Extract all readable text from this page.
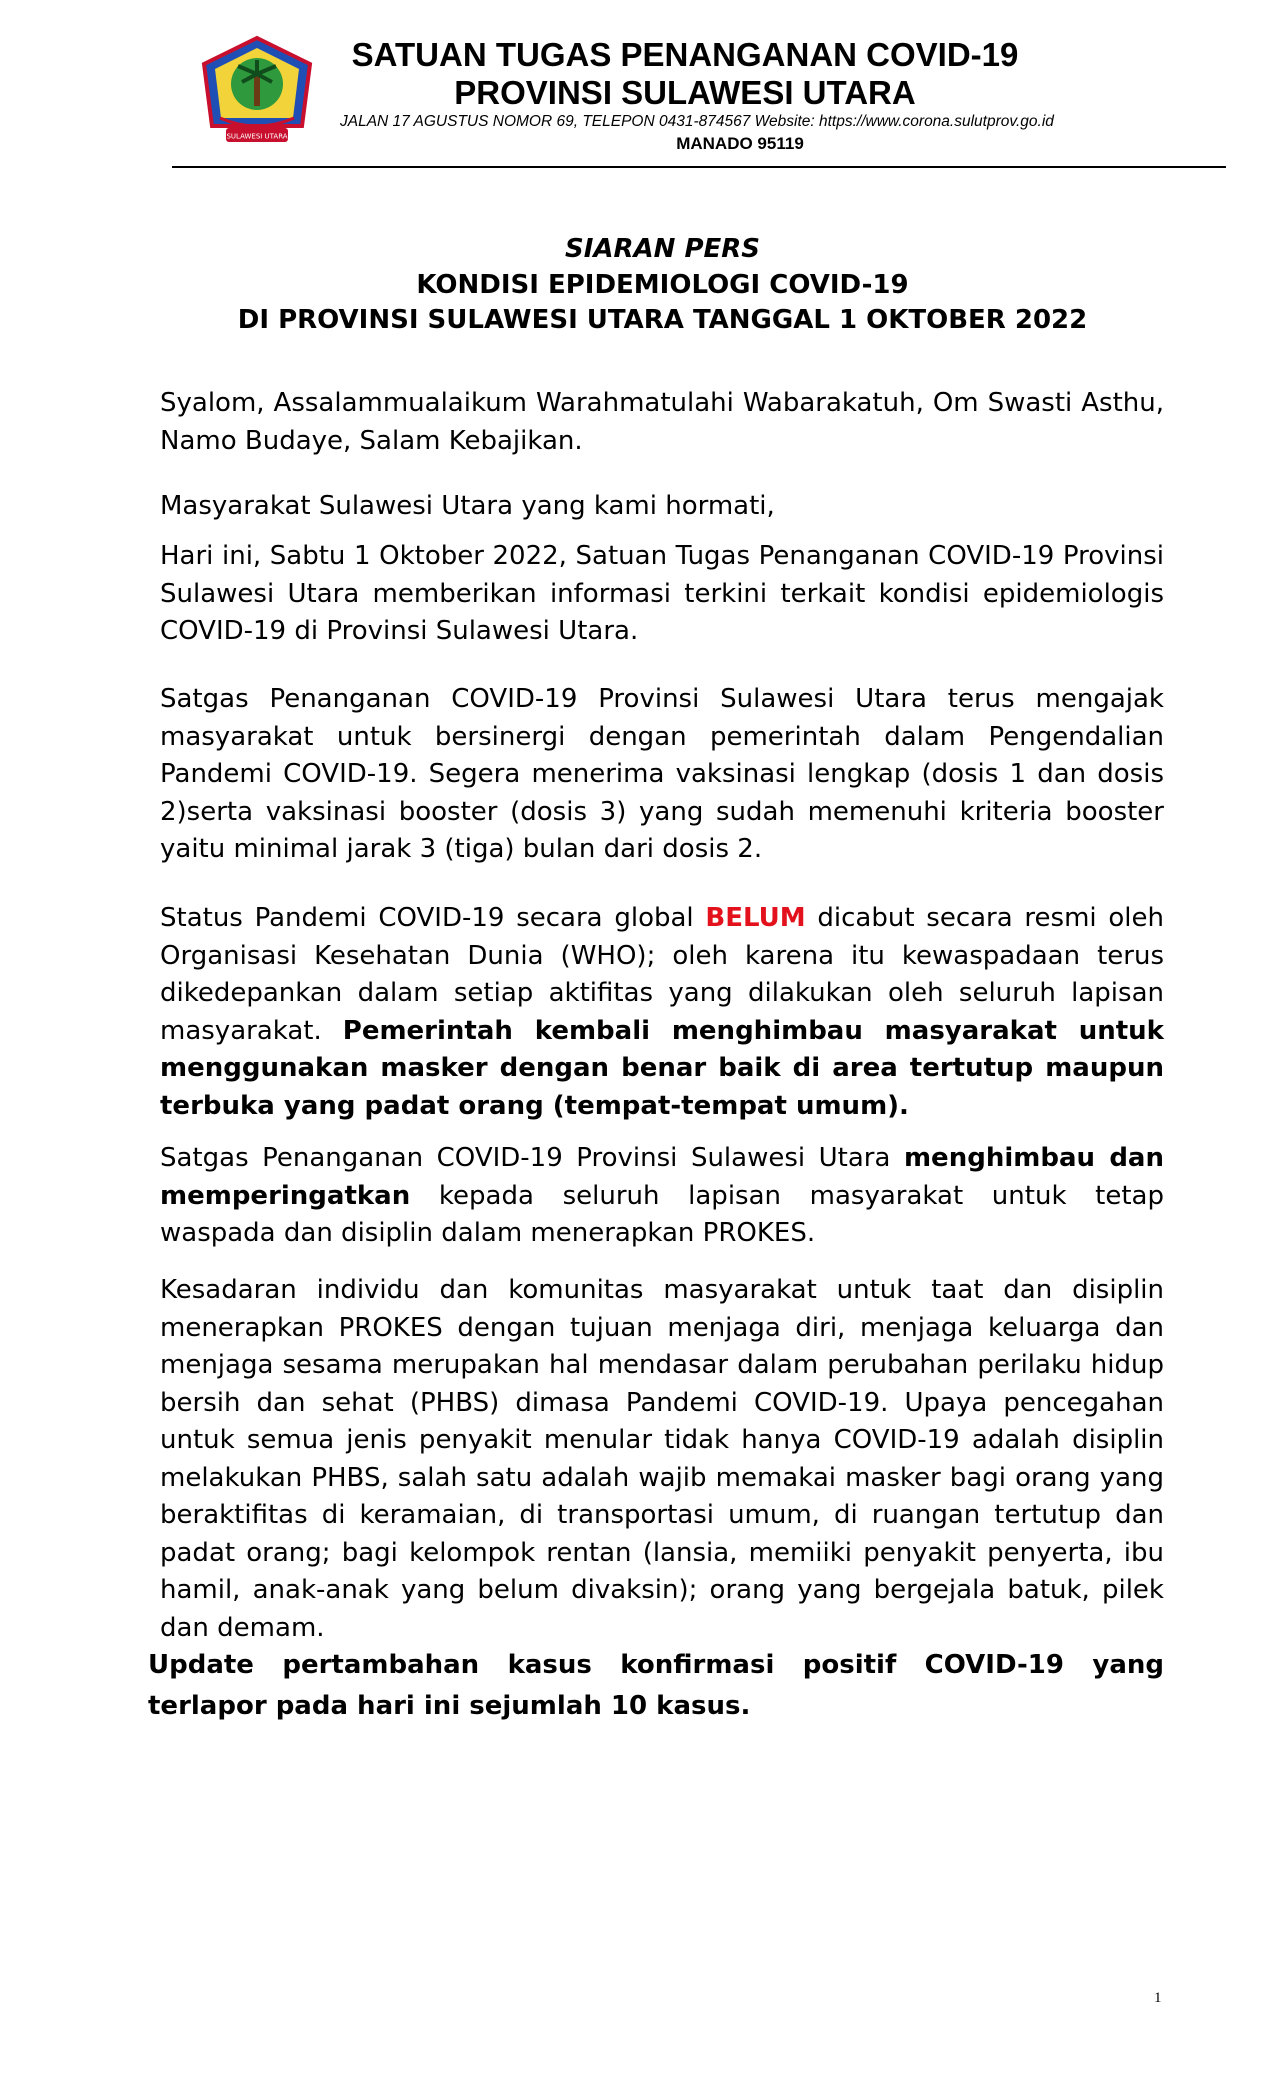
SULAWESI UTARA
SATUAN TUGAS PENANGANAN COVID-19
PROVINSI SULAWESI UTARA
JALAN 17 AGUSTUS NOMOR 69, TELEPON 0431-874567 Website: https://www.corona.sulutprov.go.id
MANADO 95119
SIARAN PERS
KONDISI EPIDEMIOLOGI COVID-19
DI PROVINSI SULAWESI UTARA TANGGAL 1 OKTOBER 2022

Syalom, Assalammualaikum Warahmatulahi Wabarakatuh, Om Swasti Asthu, Namo Budaye, Salam Kebajikan.

Masyarakat Sulawesi Utara yang kami hormati,

Hari ini, Sabtu 1 Oktober 2022, Satuan Tugas Penanganan COVID-19 Provinsi Sulawesi Utara memberikan informasi terkini terkait kondisi epidemiologis COVID-19 di Provinsi Sulawesi Utara.

Satgas Penanganan COVID-19 Provinsi Sulawesi Utara terus mengajak masyarakat untuk bersinergi dengan pemerintah dalam Pengendalian Pandemi COVID-19. Segera menerima vaksinasi lengkap (dosis 1 dan dosis 2)serta vaksinasi booster (dosis 3) yang sudah memenuhi kriteria booster yaitu minimal jarak 3 (tiga) bulan dari dosis 2.

Status Pandemi COVID-19 secara global BELUM dicabut secara resmi oleh Organisasi Kesehatan Dunia (WHO); oleh karena itu kewaspadaan terus dikedepankan dalam setiap aktifitas yang dilakukan oleh seluruh lapisan masyarakat. Pemerintah kembali menghimbau masyarakat untuk menggunakan masker dengan benar baik di area tertutup maupun terbuka yang padat orang (tempat-tempat umum).

Satgas Penanganan COVID-19 Provinsi Sulawesi Utara menghimbau dan memperingatkan kepada seluruh lapisan masyarakat untuk tetap waspada dan disiplin dalam menerapkan PROKES.

Kesadaran individu dan komunitas masyarakat untuk taat dan disiplin menerapkan PROKES dengan tujuan menjaga diri, menjaga keluarga dan menjaga sesama merupakan hal mendasar dalam perubahan perilaku hidup bersih dan sehat (PHBS) dimasa Pandemi COVID-19. Upaya pencegahan untuk semua jenis penyakit menular tidak hanya COVID-19 adalah disiplin melakukan PHBS, salah satu adalah wajib memakai masker bagi orang yang beraktifitas di keramaian, di transportasi umum, di ruangan tertutup dan padat orang; bagi kelompok rentan (lansia, memiiki penyakit penyerta, ibu hamil, anak-anak yang belum divaksin); orang yang bergejala batuk, pilek dan demam.

Update pertambahan kasus konfirmasi positif COVID-19 yang terlapor pada hari ini sejumlah 10 kasus.

1
